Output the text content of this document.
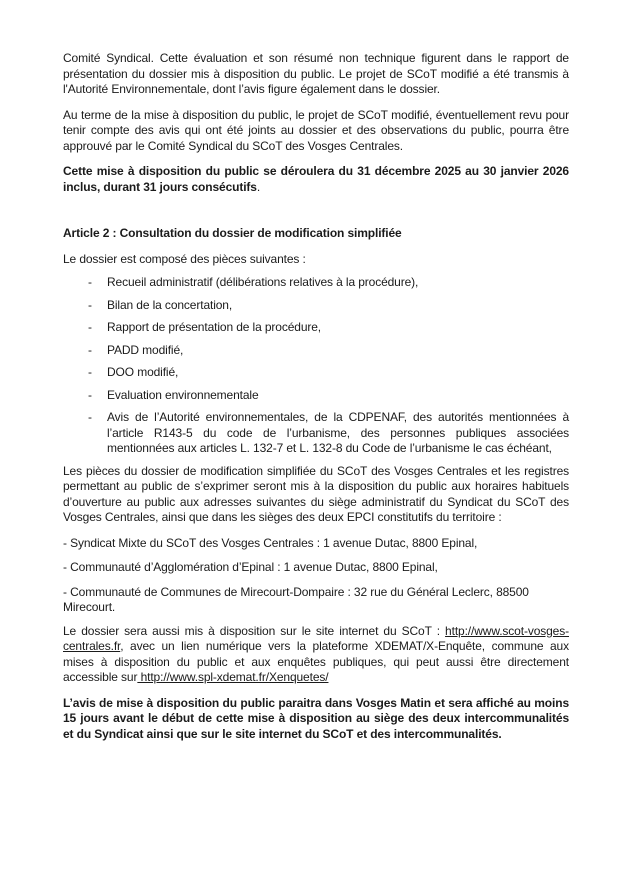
Comité Syndical. Cette évaluation et son résumé non technique figurent dans le rapport de présentation du dossier mis à disposition du public. Le projet de SCoT modifié a été transmis à l'Autorité Environnementale, dont l’avis figure également dans le dossier.

Au terme de la mise à disposition du public, le projet de SCoT modifié, éventuellement revu pour tenir compte des avis qui ont été joints au dossier et des observations du public, pourra être approuvé par le Comité Syndical du SCoT des Vosges Centrales.

Cette mise à disposition du public se déroulera du 31 décembre 2025 au 30 janvier 2026 inclus, durant 31 jours consécutifs.

Article 2 : Consultation du dossier de modification simplifiée

Le dossier est composé des pièces suivantes :

-	Recueil administratif (délibérations relatives à la procédure),
-	Bilan de la concertation,
-	Rapport de présentation de la procédure,
-	PADD modifié,
-	DOO modifié,
-	Evaluation environnementale
-	Avis de l’Autorité environnementales, de la CDPENAF, des autorités mentionnées à l’article R143-5 du code de l’urbanisme, des personnes publiques associées mentionnées aux articles L. 132-7 et L. 132-8 du Code de l’urbanisme le cas échéant,

Les pièces du dossier de modification simplifiée du SCoT des Vosges Centrales et les registres permettant au public de s’exprimer seront mis à la disposition du public aux horaires habituels d’ouverture au public aux adresses suivantes du siège administratif du Syndicat du SCoT des Vosges Centrales, ainsi que dans les sièges des deux EPCI constitutifs du territoire :

- Syndicat Mixte du SCoT des Vosges Centrales : 1 avenue Dutac, 8800 Epinal,

- Communauté d’Agglomération d’Epinal : 1 avenue Dutac, 8800 Epinal,

- Communauté de Communes de Mirecourt-Dompaire : 32 rue du Général Leclerc, 88500 Mirecourt.

Le dossier sera aussi mis à disposition sur le site internet du SCoT : http://www.scot-vosges-centrales.fr, avec un lien numérique vers la plateforme XDEMAT/X-Enquête, commune aux mises à disposition du public et aux enquêtes publiques, qui peut aussi être directement accessible sur http://www.spl-xdemat.fr/Xenquetes/

L’avis de mise à disposition du public paraitra dans Vosges Matin et sera affiché au moins 15 jours avant le début de cette mise à disposition au siège des deux intercommunalités et du Syndicat ainsi que sur le site internet du SCoT et des intercommunalités.
